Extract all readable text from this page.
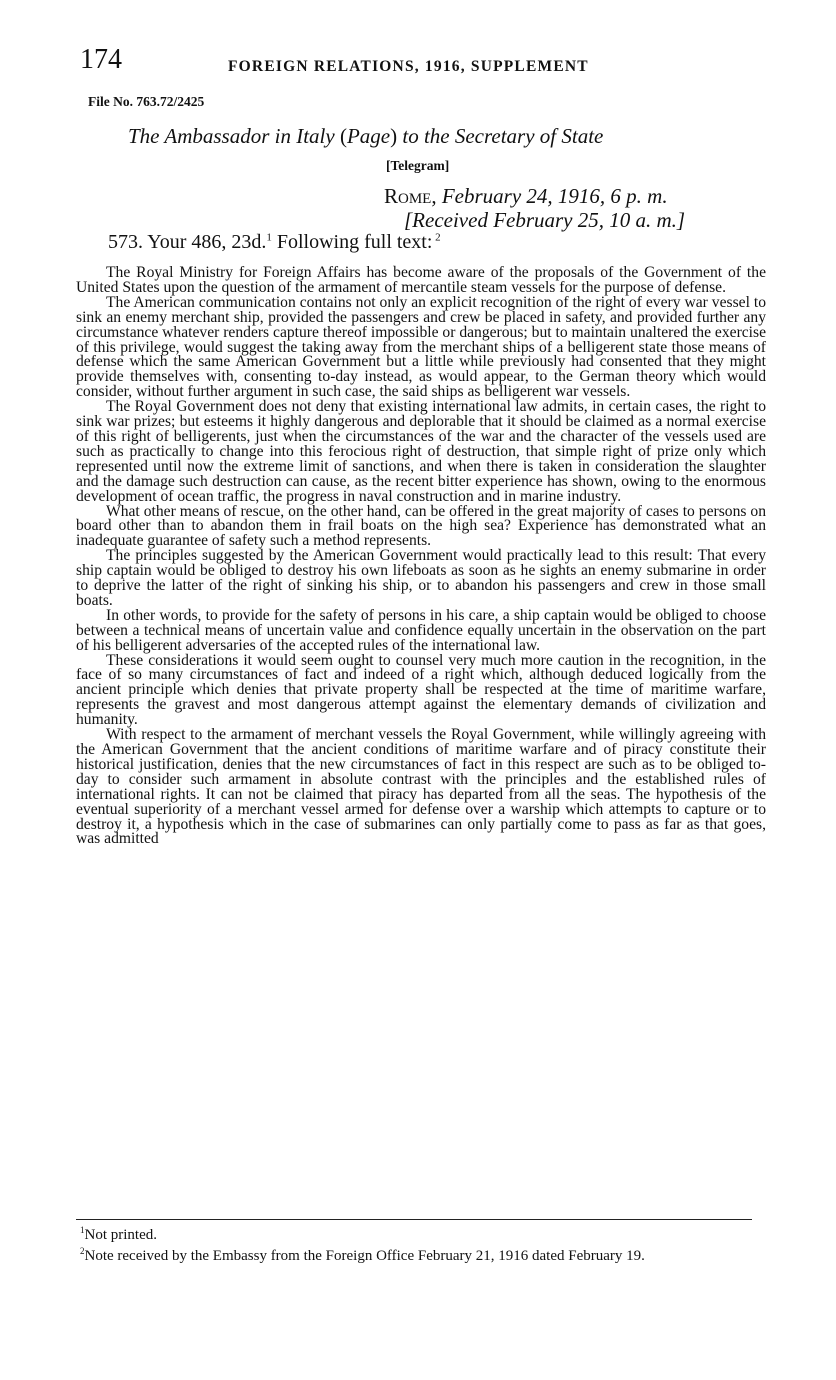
174	FOREIGN RELATIONS, 1916, SUPPLEMENT
File No. 763.72/2425
The Ambassador in Italy (Page) to the Secretary of State
[Telegram]
Rome, February 24, 1916, 6 p. m.
[Received February 25, 10 a. m.]
573. Your 486, 23d.$^1$ Following full text: $^2$

The Royal Ministry for Foreign Affairs has become aware of the proposals of the Government of the United States upon the question of the armament of mercantile steam vessels for the purpose of defense.

The American communication contains not only an explicit recognition of the right of every war vessel to sink an enemy merchant ship, provided the passengers and crew be placed in safety, and provided further any circumstance whatever renders capture thereof impossible or dangerous; but to maintain unaltered the exercise of this privilege, would suggest the taking away from the merchant ships of a belligerent state those means of defense which the same American Government but a little while previously had consented that they might provide themselves with, consenting to-day instead, as would appear, to the German theory which would consider, without further argument in such case, the said ships as belligerent war vessels.

The Royal Government does not deny that existing international law admits, in certain cases, the right to sink war prizes; but esteems it highly dangerous and deplorable that it should be claimed as a normal exercise of this right of belligerents, just when the circumstances of the war and the character of the vessels used are such as practically to change into this ferocious right of destruction, that simple right of prize only which represented until now the extreme limit of sanctions, and when there is taken in consideration the slaughter and the damage such destruction can cause, as the recent bitter experience has shown, owing to the enormous development of ocean traffic, the progress in naval construction and in marine industry.

What other means of rescue, on the other hand, can be offered in the great majority of cases to persons on board other than to abandon them in frail boats on the high sea? Experience has demonstrated what an inadequate guarantee of safety such a method represents.

The principles suggested by the American Government would practically lead to this result: That every ship captain would be obliged to destroy his own lifeboats as soon as he sights an enemy submarine in order to deprive the latter of the right of sinking his ship, or to abandon his passengers and crew in those small boats.

In other words, to provide for the safety of persons in his care, a ship captain would be obliged to choose between a technical means of uncertain value and confidence equally uncertain in the observation on the part of his belligerent adversaries of the accepted rules of the international law.

These considerations it would seem ought to counsel very much more caution in the recognition, in the face of so many circumstances of fact and indeed of a right which, although deduced logically from the ancient principle which denies that private property shall be respected at the time of maritime warfare, represents the gravest and most dangerous attempt against the elementary demands of civilization and humanity.

With respect to the armament of merchant vessels the Royal Government, while willingly agreeing with the American Government that the ancient conditions of maritime warfare and of piracy constitute their historical justification, denies that the new circumstances of fact in this respect are such as to be obliged to-day to consider such armament in absolute contrast with the principles and the established rules of international rights. It can not be claimed that piracy has departed from all the seas. The hypothesis of the eventual superiority of a merchant vessel armed for defense over a warship which attempts to capture or to destroy it, a hypothesis which in the case of submarines can only partially come to pass as far as that goes, was admitted

$^1$Not printed.

$^2$Note received by the Embassy from the Foreign Office February 21, 1916 dated February 19.
